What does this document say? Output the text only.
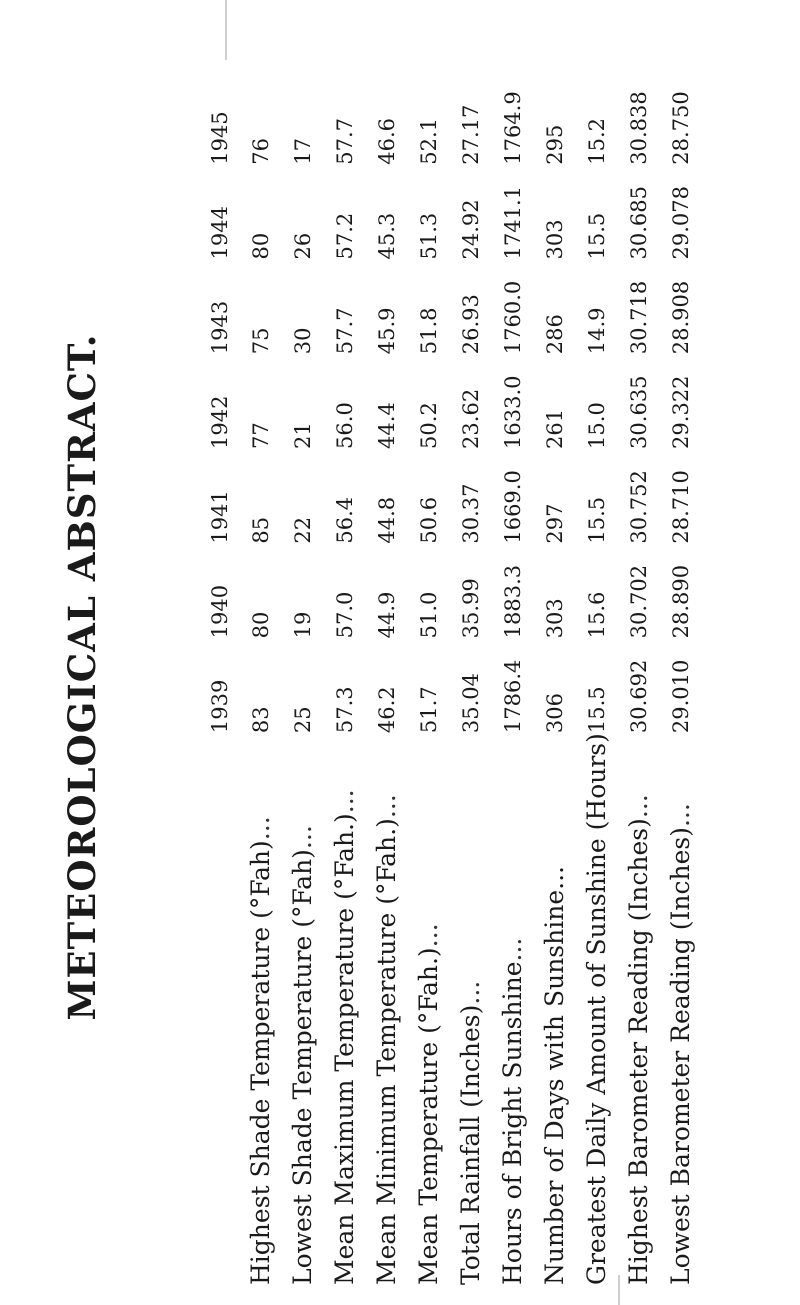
METEOROLOGICAL ABSTRACT.
		1939	1940	1941	1942	1943	1944	1945
Highest Shade Temperature (°Fah)...	83	80	85	77	75	80	76
Lowest Shade Temperature (°Fah)...	25	19	22	21	30	26	17
Mean Maximum Temperature (°Fah.)...	57.3	57.0	56.4	56.0	57.7	57.2	57.7
Mean Minimum Temperature (°Fah.)...	46.2	44.9	44.8	44.4	45.9	45.3	46.6
Mean Temperature (°Fah.)...	51.7	51.0	50.6	50.2	51.8	51.3	52.1
Total Rainfall (Inches)...	35.04	35.99	30.37	23.62	26.93	24.92	27.17
Hours of Bright Sunshine...	1786.4	1883.3	1669.0	1633.0	1760.0	1741.1	1764.9
Number of Days with Sunshine...	306	303	297	261	286	303	295
Greatest Daily Amount of Sunshine (Hours)	15.5	15.6	15.5	15.0	14.9	15.5	15.2
Highest Barometer Reading (Inches)...	30.692	30.702	30.752	30.635	30.718	30.685	30.838
Lowest Barometer Reading (Inches)...	29.010	28.890	28.710	29.322	28.908	29.078	28.750
